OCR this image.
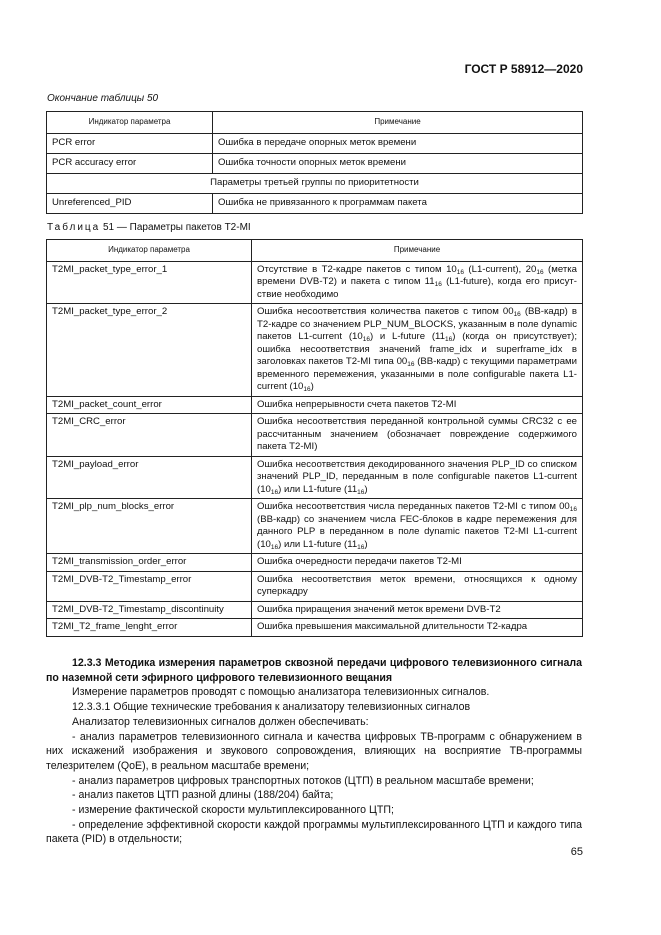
ГОСТ Р 58912—2020
Окончание таблицы 50
Индикатор параметра	Примечание
PCR error	Ошибка в передаче опорных меток времени
PCR accuracy error	Ошибка точности опорных меток времени
Параметры третьей группы по приоритетности	
Unreferenced_PID	Ошибка не привязанного к программам пакета
Таблица 51 — Параметры пакетов T2-MI
Индикатор параметра	Примечание
T2MI_packet_type_error_1	Отсутствие в T2-кадре пакетов с типом $10_{16}$ (L1-current), $20_{16}$ (метка времени DVB-T2) и пакета с типом $11_{16}$ (L1-future), когда его присутствие необходимо
T2MI_packet_type_error_2	Ошибка несоответствия количества пакетов с типом $00_{16}$ (BB-кадр) в T2-кадре со значением PLP_NUM_BLOCKS, указанным в поле dynamic пакетов L1-current $(10_{16})$ и L-future $(11_{16})$ (когда он присутствует); ошибка несоответствия значений frame_idx и superframe_idx в заголовках пакетов T2-MI типа $00_{16}$ (BB-кадр) с текущими параметрами временного перемежения, указанными в поле configurable пакета L1-current $(10_{16})$
T2MI_packet_count_error	Ошибка непрерывности счета пакетов T2-MI
T2MI_CRC_error	Ошибка несоответствия переданной контрольной суммы CRC32 с ее рассчитанным значением (обозначает повреждение содержимого пакета T2-MI)
T2MI_payload_error	Ошибка несоответствия декодированного значения PLP_ID со списком значений PLP_ID, переданным в поле configurable пакетов L1-current $(10_{16})$ или L1-future $(11_{16})$
T2MI_plp_num_blocks_error	Ошибка несоответствия числа переданных пакетов T2-MI с типом $00_{16}$ (BB-кадр) со значением числа FEC-блоков в кадре перемежения для данного PLP в переданном в поле dynamic пакетов T2-MI L1-current $(10_{16})$ или L1-future $(11_{16})$
T2MI_transmission_order_error	Ошибка очередности передачи пакетов T2-MI
T2MI_DVB-T2_Timestamp_error	Ошибка несоответствия меток времени, относящихся к одному суперкадру
T2MI_DVB-T2_Timestamp_discontinuity	Ошибка приращения значений меток времени DVB-T2
T2MI_T2_frame_lenght_error	Ошибка превышения максимальной длительности T2-кадра

12.3.3 Методика измерения параметров сквозной передачи цифрового телевизионного сигнала по наземной сети эфирного цифрового телевизионного вещания

Измерение параметров проводят с помощью анализатора телевизионных сигналов.

12.3.3.1 Общие технические требования к анализатору телевизионных сигналов

Анализатор телевизионных сигналов должен обеспечивать:

- анализ параметров телевизионного сигнала и качества цифровых ТВ-программ с обнаружением в них искажений изображения и звукового сопровождения, влияющих на восприятие ТВ-программы телезрителем (QoE), в реальном масштабе времени;

- анализ параметров цифровых транспортных потоков (ЦТП) в реальном масштабе времени;

- анализ пакетов ЦТП разной длины (188/204) байта;

- измерение фактической скорости мультиплексированного ЦТП;

- определение эффективной скорости каждой программы мультиплексированного ЦТП и каждого типа пакета (PID) в отдельности;

65
